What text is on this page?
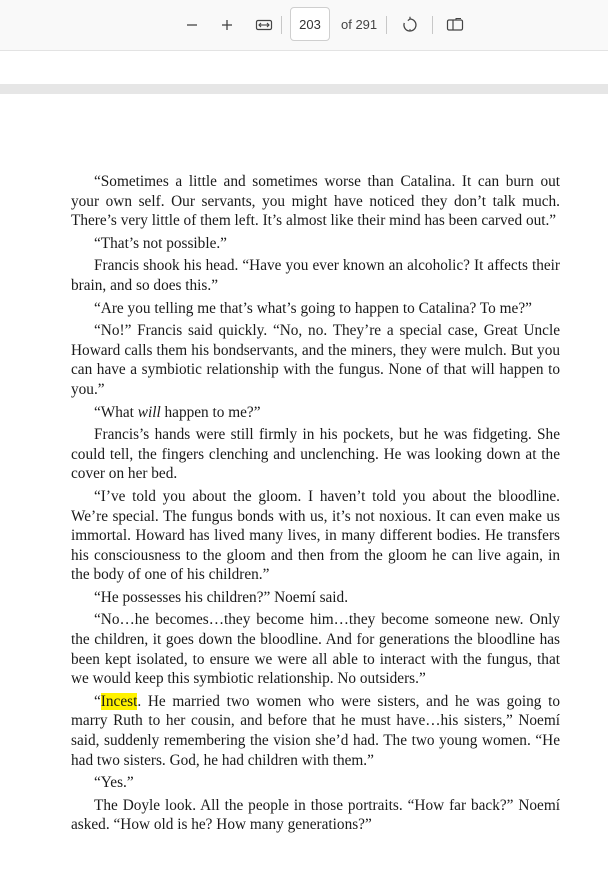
203
of 291

“Sometimes a little and sometimes worse than Catalina. It can burn out your own self. Our servants, you might have noticed they don’t talk much. There’s very little of them left. It’s almost like their mind has been carved out.”

“That’s not possible.”

Francis shook his head. “Have you ever known an alcoholic? It affects their brain, and so does this.”

“Are you telling me that’s what’s going to happen to Catalina? To me?”

“No!” Francis said quickly. “No, no. They’re a special case, Great Uncle Howard calls them his bondservants, and the miners, they were mulch. But you can have a symbiotic relationship with the fungus. None of that will happen to you.”

“What will happen to me?”

Francis’s hands were still firmly in his pockets, but he was fidgeting. She could tell, the fingers clenching and unclenching. He was looking down at the cover on her bed.

“I’ve told you about the gloom. I haven’t told you about the bloodline. We’re special. The fungus bonds with us, it’s not noxious. It can even make us immortal. Howard has lived many lives, in many different bodies. He transfers his consciousness to the gloom and then from the gloom he can live again, in the body of one of his children.”

“He possesses his children?” Noemí said.

“No…he becomes…they become him…they become someone new. Only the children, it goes down the bloodline. And for generations the bloodline has been kept isolated, to ensure we were all able to interact with the fungus, that we would keep this symbiotic relationship. No outsiders.”

“Incest. He married two women who were sisters, and he was going to marry Ruth to her cousin, and before that he must have…his sisters,” Noemí said, suddenly remembering the vision she’d had. The two young women. “He had two sisters. God, he had children with them.”

“Yes.”

The Doyle look. All the people in those portraits. “How far back?” Noemí asked. “How old is he? How many generations?”
